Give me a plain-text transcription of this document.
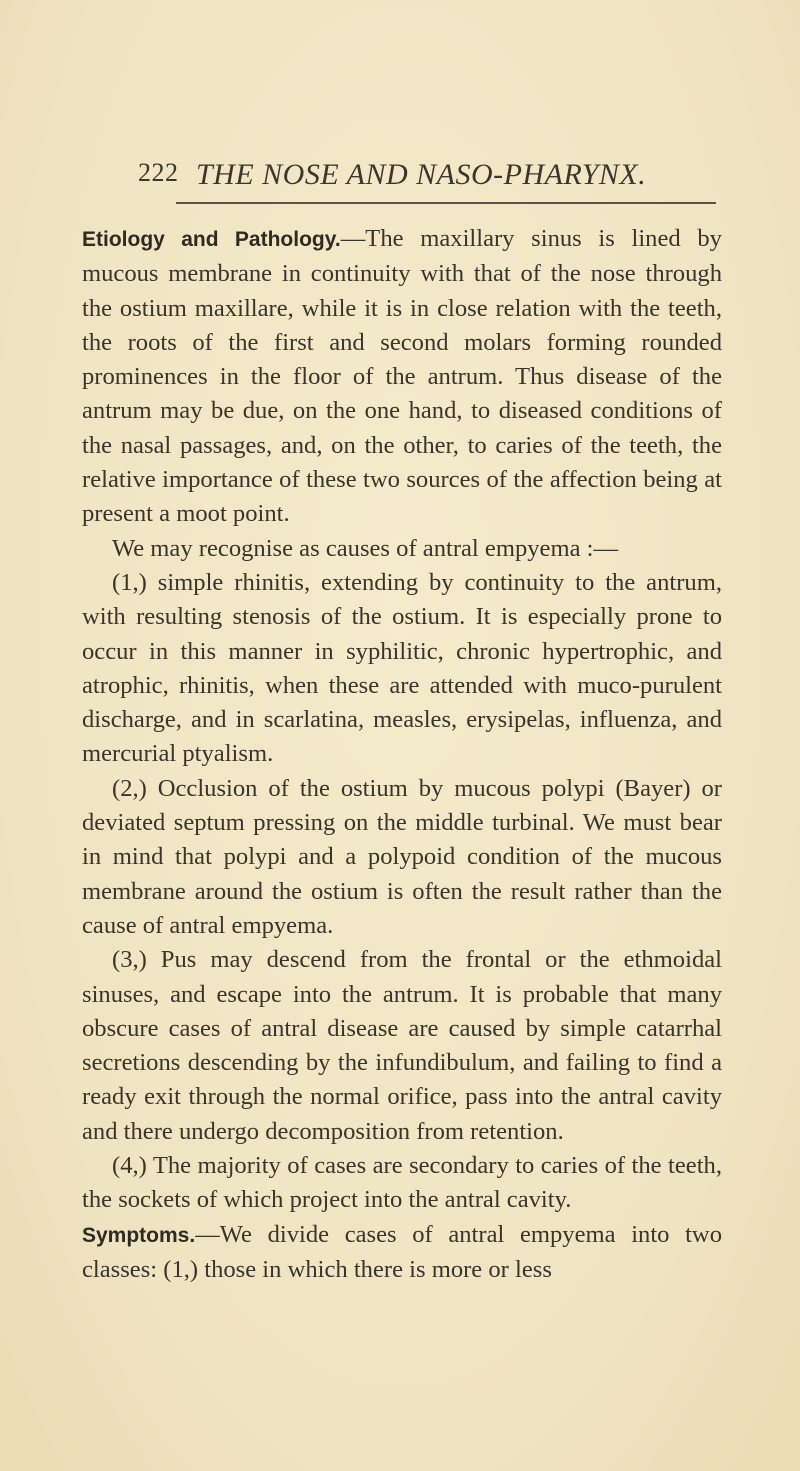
222 THE NOSE AND NASO-PHARYNX.

Etiology and Pathology.—The maxillary sinus is lined by mucous membrane in continuity with that of the nose through the ostium maxillare, while it is in close relation with the teeth, the roots of the first and second molars forming rounded prominences in the floor of the antrum. Thus disease of the antrum may be due, on the one hand, to diseased conditions of the nasal passages, and, on the other, to caries of the teeth, the relative importance of these two sources of the affection being at present a moot point.

We may recognise as causes of antral empyema :—

(1,) simple rhinitis, extending by continuity to the antrum, with resulting stenosis of the ostium. It is especially prone to occur in this manner in syphilitic, chronic hypertrophic, and atrophic, rhinitis, when these are attended with muco-purulent discharge, and in scarlatina, measles, erysipelas, influenza, and mercurial ptyalism.

(2,) Occlusion of the ostium by mucous polypi (Bayer) or deviated septum pressing on the middle turbinal. We must bear in mind that polypi and a polypoid condition of the mucous membrane around the ostium is often the result rather than the cause of antral empyema.

(3,) Pus may descend from the frontal or the ethmoidal sinuses, and escape into the antrum. It is probable that many obscure cases of antral disease are caused by simple catarrhal secretions descending by the infundibulum, and failing to find a ready exit through the normal orifice, pass into the antral cavity and there undergo decomposition from retention.

(4,) The majority of cases are secondary to caries of the teeth, the sockets of which project into the antral cavity.

Symptoms.—We divide cases of antral empyema into two classes: (1,) those in which there is more or less
